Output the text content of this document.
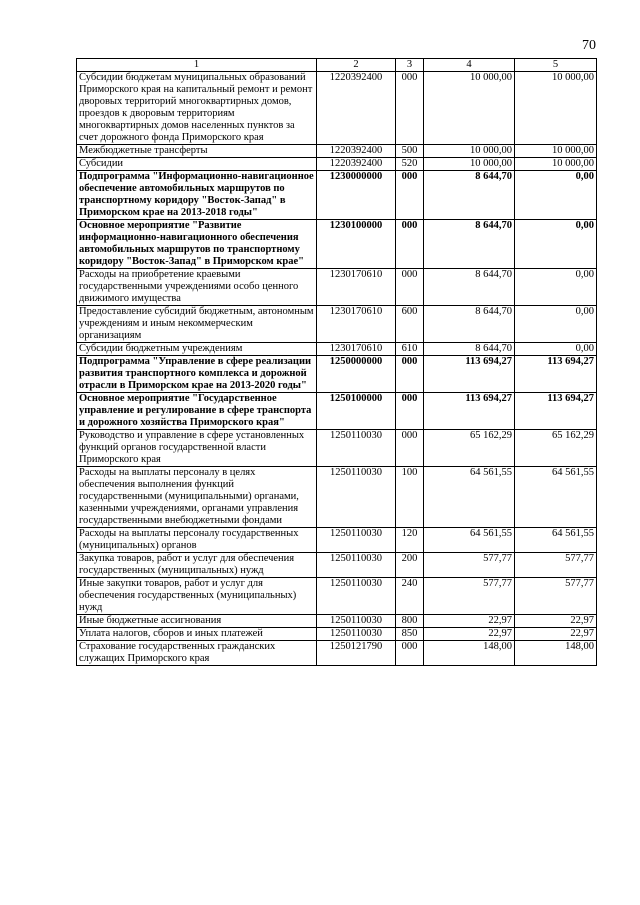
70
1	2	3	4	5
Субсидии бюджетам муниципальных образований Приморского края на капитальный ремонт и ремонт дворовых территорий многоквартирных домов, проездов к дворовым территориям многоквартирных домов населенных пунктов за счет дорожного фонда Приморского края	1220392400	000	10 000,00	10 000,00
Межбюджетные трансферты	1220392400	500	10 000,00	10 000,00
Субсидии	1220392400	520	10 000,00	10 000,00
Подпрограмма "Информационно-навигационное обеспечение автомобильных маршрутов по транспортному коридору "Восток-Запад" в Приморском крае на 2013-2018 годы"	1230000000	000	8 644,70	0,00
Основное мероприятие "Развитие информационно-навигационного обеспечения автомобильных маршрутов по транспортному коридору "Восток-Запад" в Приморском крае"	1230100000	000	8 644,70	0,00
Расходы на приобретение краевыми государственными учреждениями особо ценного движимого имущества	1230170610	000	8 644,70	0,00
Предоставление субсидий бюджетным, автономным учреждениям и иным некоммерческим организациям	1230170610	600	8 644,70	0,00
Субсидии бюджетным учреждениям	1230170610	610	8 644,70	0,00
Подпрограмма "Управление в сфере реализации развития транспортного комплекса и дорожной отрасли в Приморском крае на 2013-2020 годы"	1250000000	000	113 694,27	113 694,27
Основное мероприятие "Государственное управление и регулирование в сфере транспорта и дорожного хозяйства Приморского края"	1250100000	000	113 694,27	113 694,27
Руководство и управление в сфере установленных функций органов государственной власти Приморского края	1250110030	000	65 162,29	65 162,29
Расходы на выплаты персоналу в целях обеспечения выполнения функций государственными (муниципальными) органами, казенными учреждениями, органами управления государственными внебюджетными фондами	1250110030	100	64 561,55	64 561,55
Расходы на выплаты персоналу государственных (муниципальных) органов	1250110030	120	64 561,55	64 561,55
Закупка товаров, работ и услуг для обеспечения государственных (муниципальных) нужд	1250110030	200	577,77	577,77
Иные закупки товаров, работ и услуг для обеспечения государственных (муниципальных) нужд	1250110030	240	577,77	577,77
Иные бюджетные ассигнования	1250110030	800	22,97	22,97
Уплата налогов, сборов и иных платежей	1250110030	850	22,97	22,97
Страхование государственных гражданских служащих Приморского края	1250121790	000	148,00	148,00
